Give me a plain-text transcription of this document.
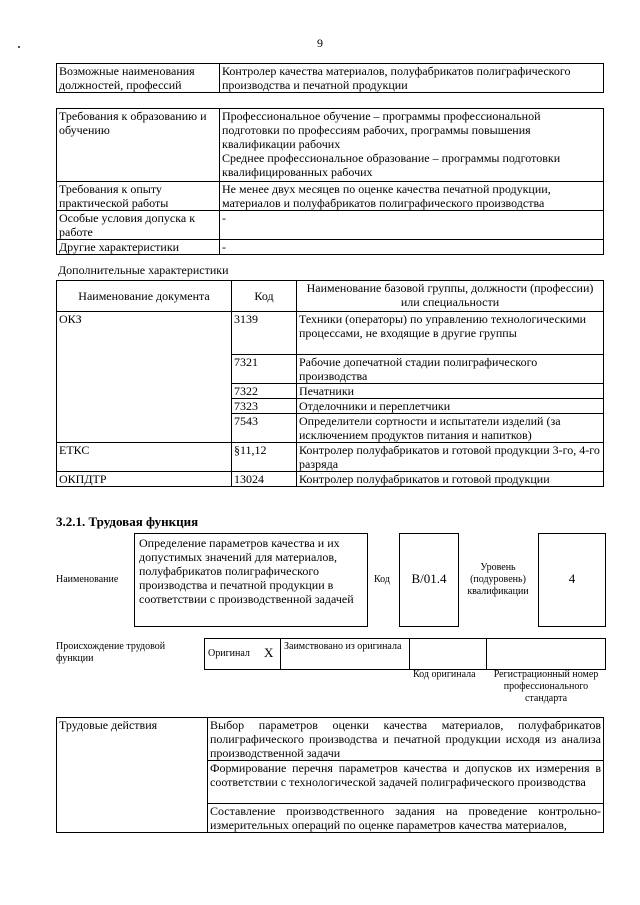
9
Возможные наименования должностей, профессий	Контролер качества материалов, полуфабрикатов полиграфического производства и печатной продукции
Требования к образованию и обучению	Профессиональное обучение – программы профессиональной подготовки по профессиям рабочих, программы повышения квалификации рабочих
Среднее профессиональное образование – программы подготовки квалифицированных рабочих
Требования к опыту практической работы	Не менее двух месяцев по оценке качества печатной продукции, материалов и полуфабрикатов полиграфического производства
Особые условия допуска к работе	-
Другие характеристики	-
Дополнительные характеристики
Наименование документа	Код	Наименование базовой группы, должности (профессии) или специальности
ОКЗ	3139	Техники (операторы) по управлению технологическими процессами, не входящие в другие группы
	7321	Рабочие допечатной стадии полиграфического производства
	7322	Печатники
	7323	Отделочники и переплетчики
	7543	Определители сортности и испытатели изделий (за исключением продуктов питания и напитков)
ЕТКС	§11,12	Контролер полуфабрикатов и готовой продукции 3-го, 4-го разряда
ОКПДТР	13024	Контролер полуфабрикатов и готовой продукции
3.2.1. Трудовая функция
Наименование
Определение параметров качества и их допустимых значений для материалов, полуфабрикатов полиграфического производства и печатной продукции в соответствии с производственной задачей
Код	B/01.4
Уровень (подуровень) квалификации
4
Происхождение трудовой функции	Оригинал X Заимствовано из оригинала
Код оригинала	Регистрационный номер профессионального стандарта
Трудовые действия	Выбор параметров оценки качества материалов, полуфабрикатов полиграфического производства и печатной продукции исходя из анализа производственной задачи
Формирование перечня параметров качества и допусков их измерения в соответствии с технологической задачей полиграфического производства
Составление производственного задания на проведение контрольно-измерительных операций по оценке параметров качества материалов,
